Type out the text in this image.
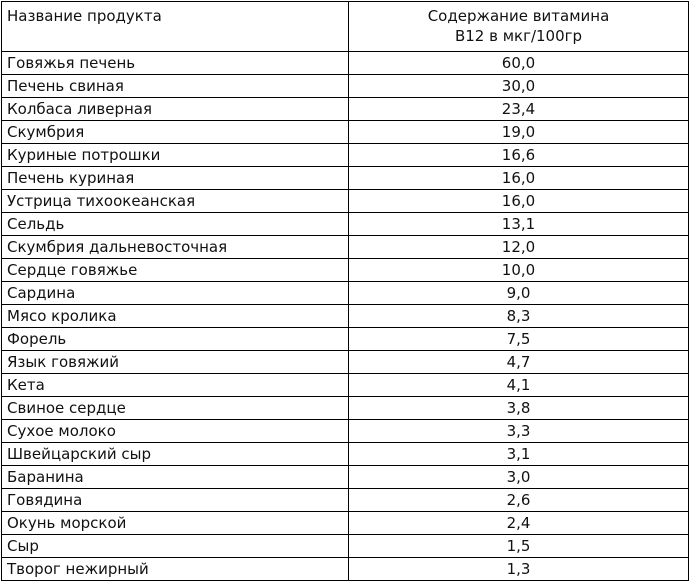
Название продукта	Содержание витамина
В12 в мкг/100гр
Говяжья печень	60,0
Печень свиная	30,0
Колбаса ливерная	23,4
Скумбрия	19,0
Куриные потрошки	16,6
Печень куриная	16,0
Устрица тихоокеанская	16,0
Сельдь	13,1
Скумбрия дальневосточная	12,0
Сердце говяжье	10,0
Сардина	9,0
Мясо кролика	8,3
Форель	7,5
Язык говяжий	4,7
Кета	4,1
Свиное сердце	3,8
Сухое молоко	3,3
Швейцарский сыр	3,1
Баранина	3,0
Говядина	2,6
Окунь морской	2,4
Сыр	1,5
Творог нежирный	1,3
